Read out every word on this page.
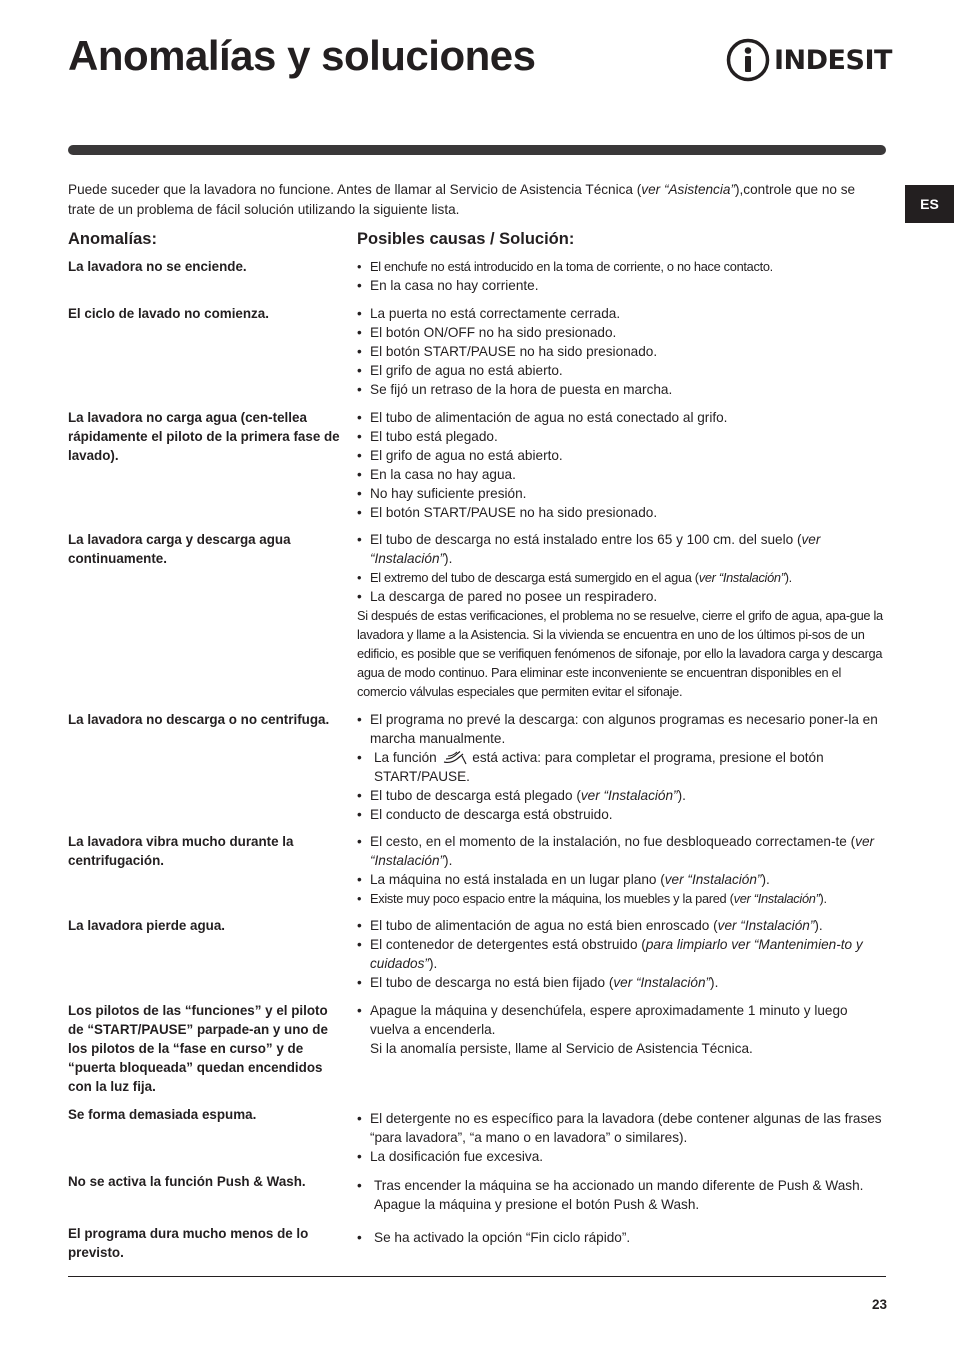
Anomalías y soluciones	INDESIT
ES
Puede suceder que la lavadora no funcione. Antes de llamar al Servicio de Asistencia Técnica (ver “Asistencia”),controle que no se trate de un problema de fácil solución utilizando la siguiente lista.
Anomalías:	Posibles causas / Solución:
La lavadora no se enciende.	• El enchufe no está introducido en la toma de corriente, o no hace contacto.
• En la casa no hay corriente.
El ciclo de lavado no comienza.	• La puerta no está correctamente cerrada.
• El botón ON/OFF no ha sido presionado.
• El botón START/PAUSE no ha sido presionado.
• El grifo de agua no está abierto.
• Se fijó un retraso de la hora de puesta en marcha.
La lavadora no carga agua (cen-tellea rápidamente el piloto de la primera fase de lavado).
• El tubo de alimentación de agua no está conectado al grifo.
• El tubo está plegado.
• El grifo de agua no está abierto.
• En la casa no hay agua.
• No hay suficiente presión.
• El botón START/PAUSE no ha sido presionado.
La lavadora carga y descarga agua continuamente.
• El tubo de descarga no está instalado entre los 65 y 100 cm. del suelo (ver “Instalación”).
• El extremo del tubo de descarga está sumergido en el agua (ver “Instalación”).
• La descarga de pared no posee un respiradero.
Si después de estas verificaciones, el problema no se resuelve, cierre el grifo de agua, apa-gue la lavadora y llame a la Asistencia. Si la vivienda se encuentra en uno de los últimos pi-sos de un edificio, es posible que se verifiquen fenómenos de sifonaje, por ello la lavadora carga y descarga agua de modo continuo. Para eliminar este inconveniente se encuentran disponibles en el comercio válvulas especiales que permiten evitar el sifonaje.
La lavadora no descarga o no centrifuga.	• El programa no prevé la descarga: con algunos programas es necesario poner-la en marcha manualmente.
• La función	está activa: para completar el programa, presione el botón START/PAUSE.
• El tubo de descarga está plegado (ver “Instalación”).
• El conducto de descarga está obstruido.
La lavadora vibra mucho durante la centrifugación.
• El cesto, en el momento de la instalación, no fue desbloqueado correctamen-te (ver “Instalación”).
• La máquina no está instalada en un lugar plano (ver “Instalación”).
• Existe muy poco espacio entre la máquina, los muebles y la pared (ver “Instalación”).
La lavadora pierde agua.	• El tubo de alimentación de agua no está bien enroscado (ver “Instalación”).
• El contenedor de detergentes está obstruido (para limpiarlo ver “Mantenimien-to y cuidados”).
• El tubo de descarga no está bien fijado (ver “Instalación”).
Los pilotos de las “funciones” y el piloto de “START/PAUSE” parpade-an y uno de los pilotos de la “fase en curso” y de “puerta bloqueada” quedan encendidos con la luz fija.
• Apague la máquina y desenchúfela, espere aproximadamente 1 minuto y luego vuelva a encenderla.
Si la anomalía persiste, llame al Servicio de Asistencia Técnica.
Se forma demasiada espuma.	• El detergente no es específico para la lavadora (debe contener algunas de las frases “para lavadora”, “a mano o en lavadora” o similares).
• La dosificación fue excesiva.
No se activa la función Push & Wash.	• Tras encender la máquina se ha accionado un mando diferente de Push & Wash. Apague la máquina y presione el botón Push & Wash.
El programa dura mucho menos de lo previsto.
• Se ha activado la opción “Fin ciclo rápido”.
23
